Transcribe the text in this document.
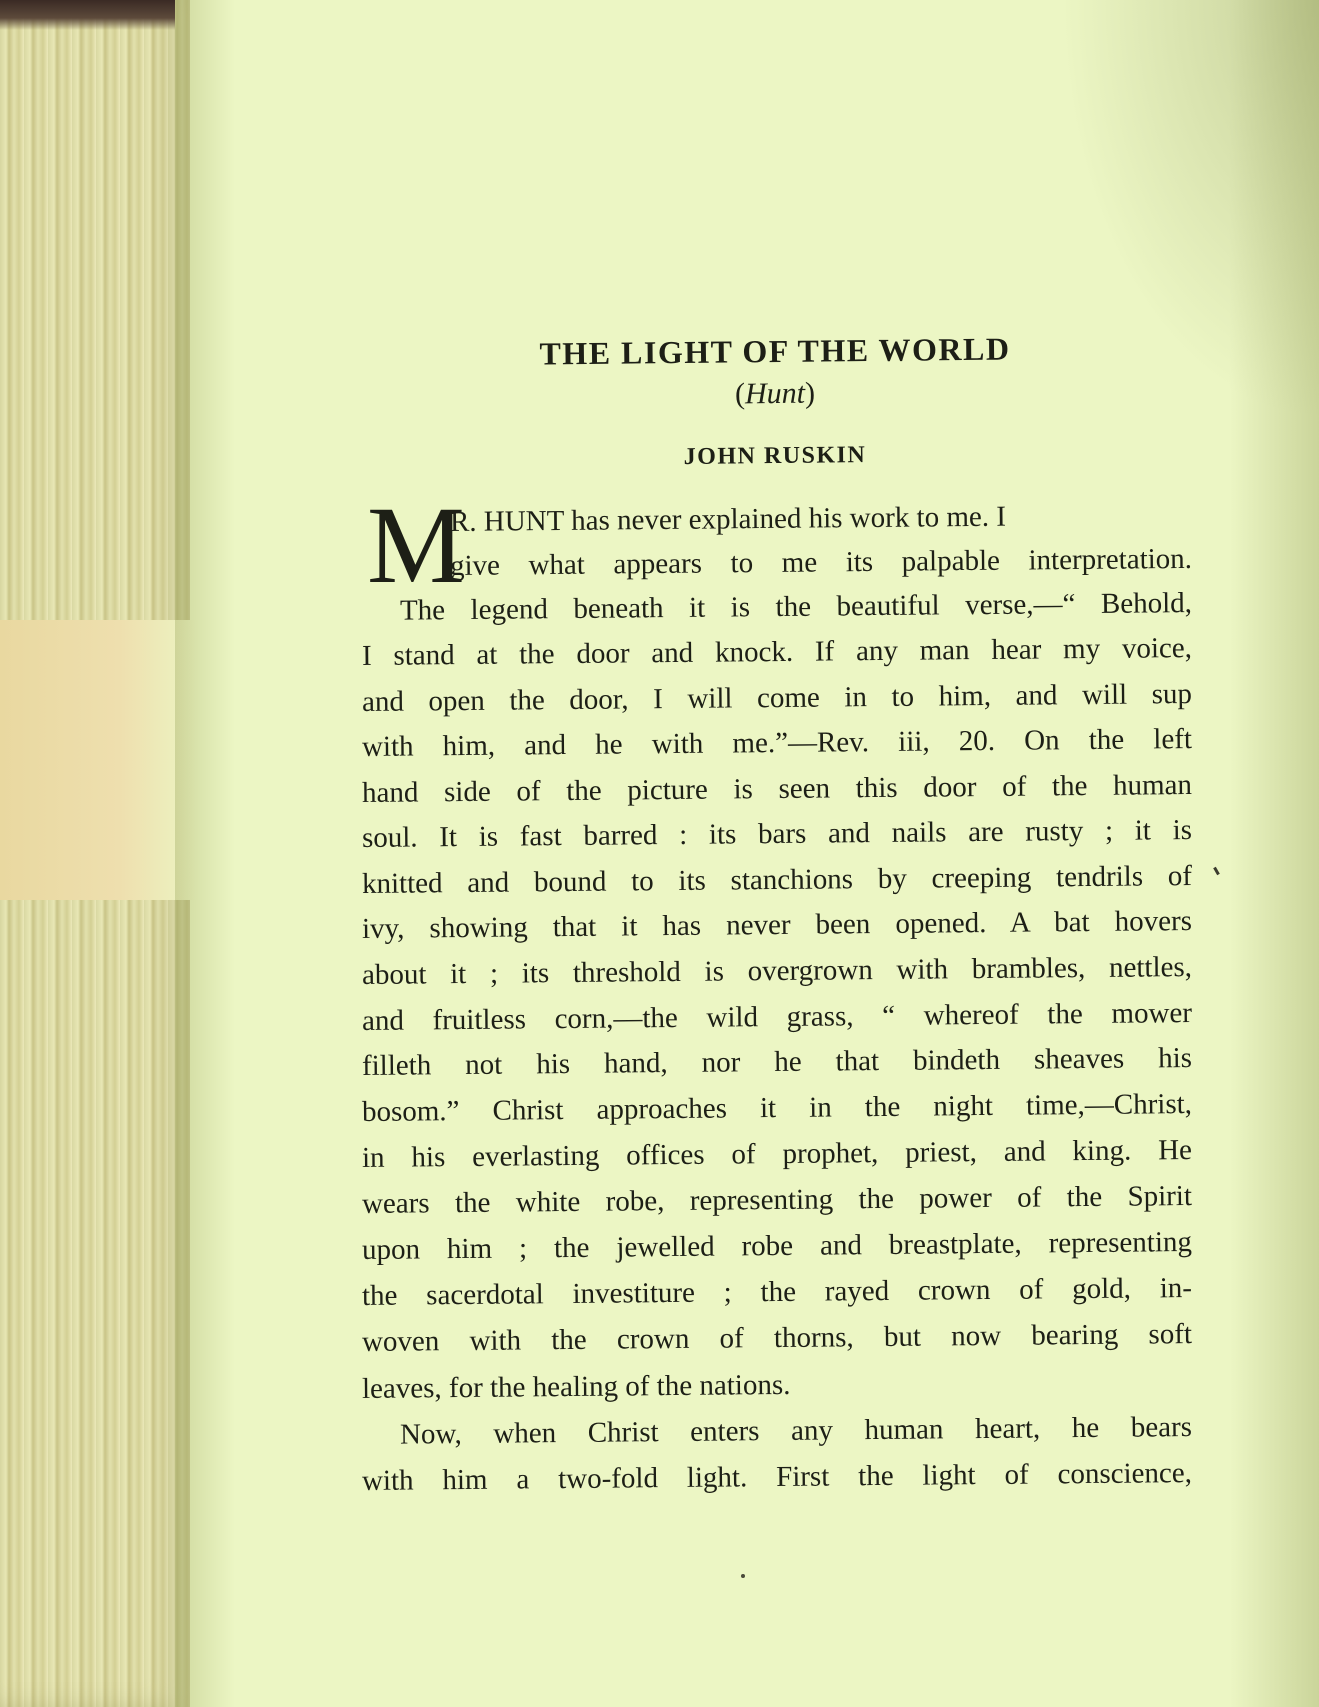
THE LIGHT OF THE WORLD
(Hunt)
JOHN RUSKIN
M
R. HUNT has never explained his work to me. I
give what appears to me its palpable interpretation.
The legend beneath it is the beautiful verse,—“ Behold,
I stand at the door and knock. If any man hear my voice,
and open the door, I will come in to him, and will sup
with him, and he with me.”—Rev. iii, 20. On the left
hand side of the picture is seen this door of the human
soul. It is fast barred : its bars and nails are rusty ; it is
knitted and bound to its stanchions by creeping tendrils of
ivy, showing that it has never been opened. A bat hovers
about it ; its threshold is overgrown with brambles, nettles,
and fruitless corn,—the wild grass, “ whereof the mower
filleth not his hand, nor he that bindeth sheaves his
bosom.” Christ approaches it in the night time,—Christ,
in his everlasting offices of prophet, priest, and king. He
wears the white robe, representing the power of the Spirit
upon him ; the jewelled robe and breastplate, representing
the sacerdotal investiture ; the rayed crown of gold, in-
woven with the crown of thorns, but now bearing soft
leaves, for the healing of the nations.
Now, when Christ enters any human heart, he bears
with him a two-fold light. First the light of conscience,
